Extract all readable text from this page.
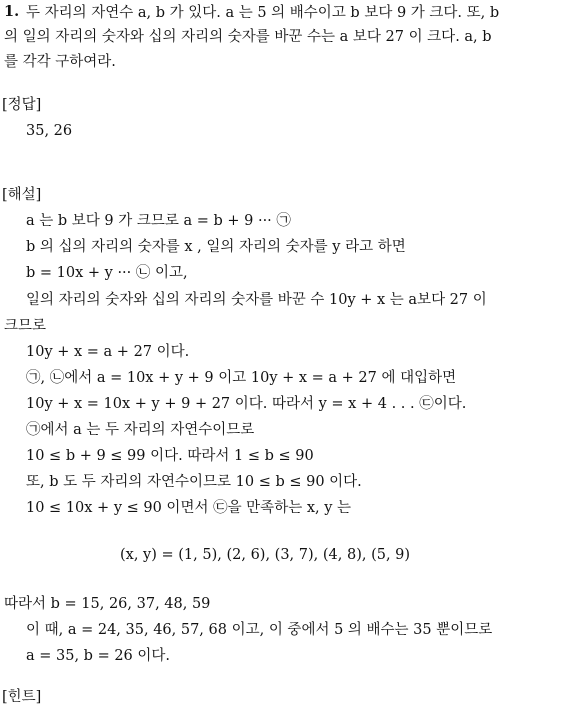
1. 두 자리의 자연수 a, b 가 있다. a 는 5 의 배수이고 b 보다 9 가 크다. 또, b
의 일의 자리의 숫자와 십의 자리의 숫자를 바꾼 수는 a 보다 27 이 크다. a, b
를 각각 구하여라.
[정답]
35, 26
[해설]
a 는 b 보다 9 가 크므로 a = b + 9 ··· ㉠
b 의 십의 자리의 숫자를 x , 일의 자리의 숫자를 y 라고 하면
b = 10x + y ··· ㉡ 이고,
일의 자리의 숫자와 십의 자리의 숫자를 바꾼 수 10y + x 는 a보다 27 이
크므로
10y + x = a + 27 이다.
㉠, ㉡에서 a = 10x + y + 9 이고 10y + x = a + 27 에 대입하면
10y + x = 10x + y + 9 + 27 이다. 따라서 y = x + 4 . . . ㉢이다.
㉠에서 a 는 두 자리의 자연수이므로
10 ≤ b + 9 ≤ 99 이다. 따라서 1 ≤ b ≤ 90
또, b 도 두 자리의 자연수이므로 10 ≤ b ≤ 90 이다.
10 ≤ 10x + y ≤ 90 이면서 ㉢을 만족하는 x, y 는
(x, y) = (1, 5), (2, 6), (3, 7), (4, 8), (5, 9)
따라서 b = 15, 26, 37, 48, 59
이 때, a = 24, 35, 46, 57, 68 이고, 이 중에서 5 의 배수는 35 뿐이므로
a = 35, b = 26 이다.
[힌트]
